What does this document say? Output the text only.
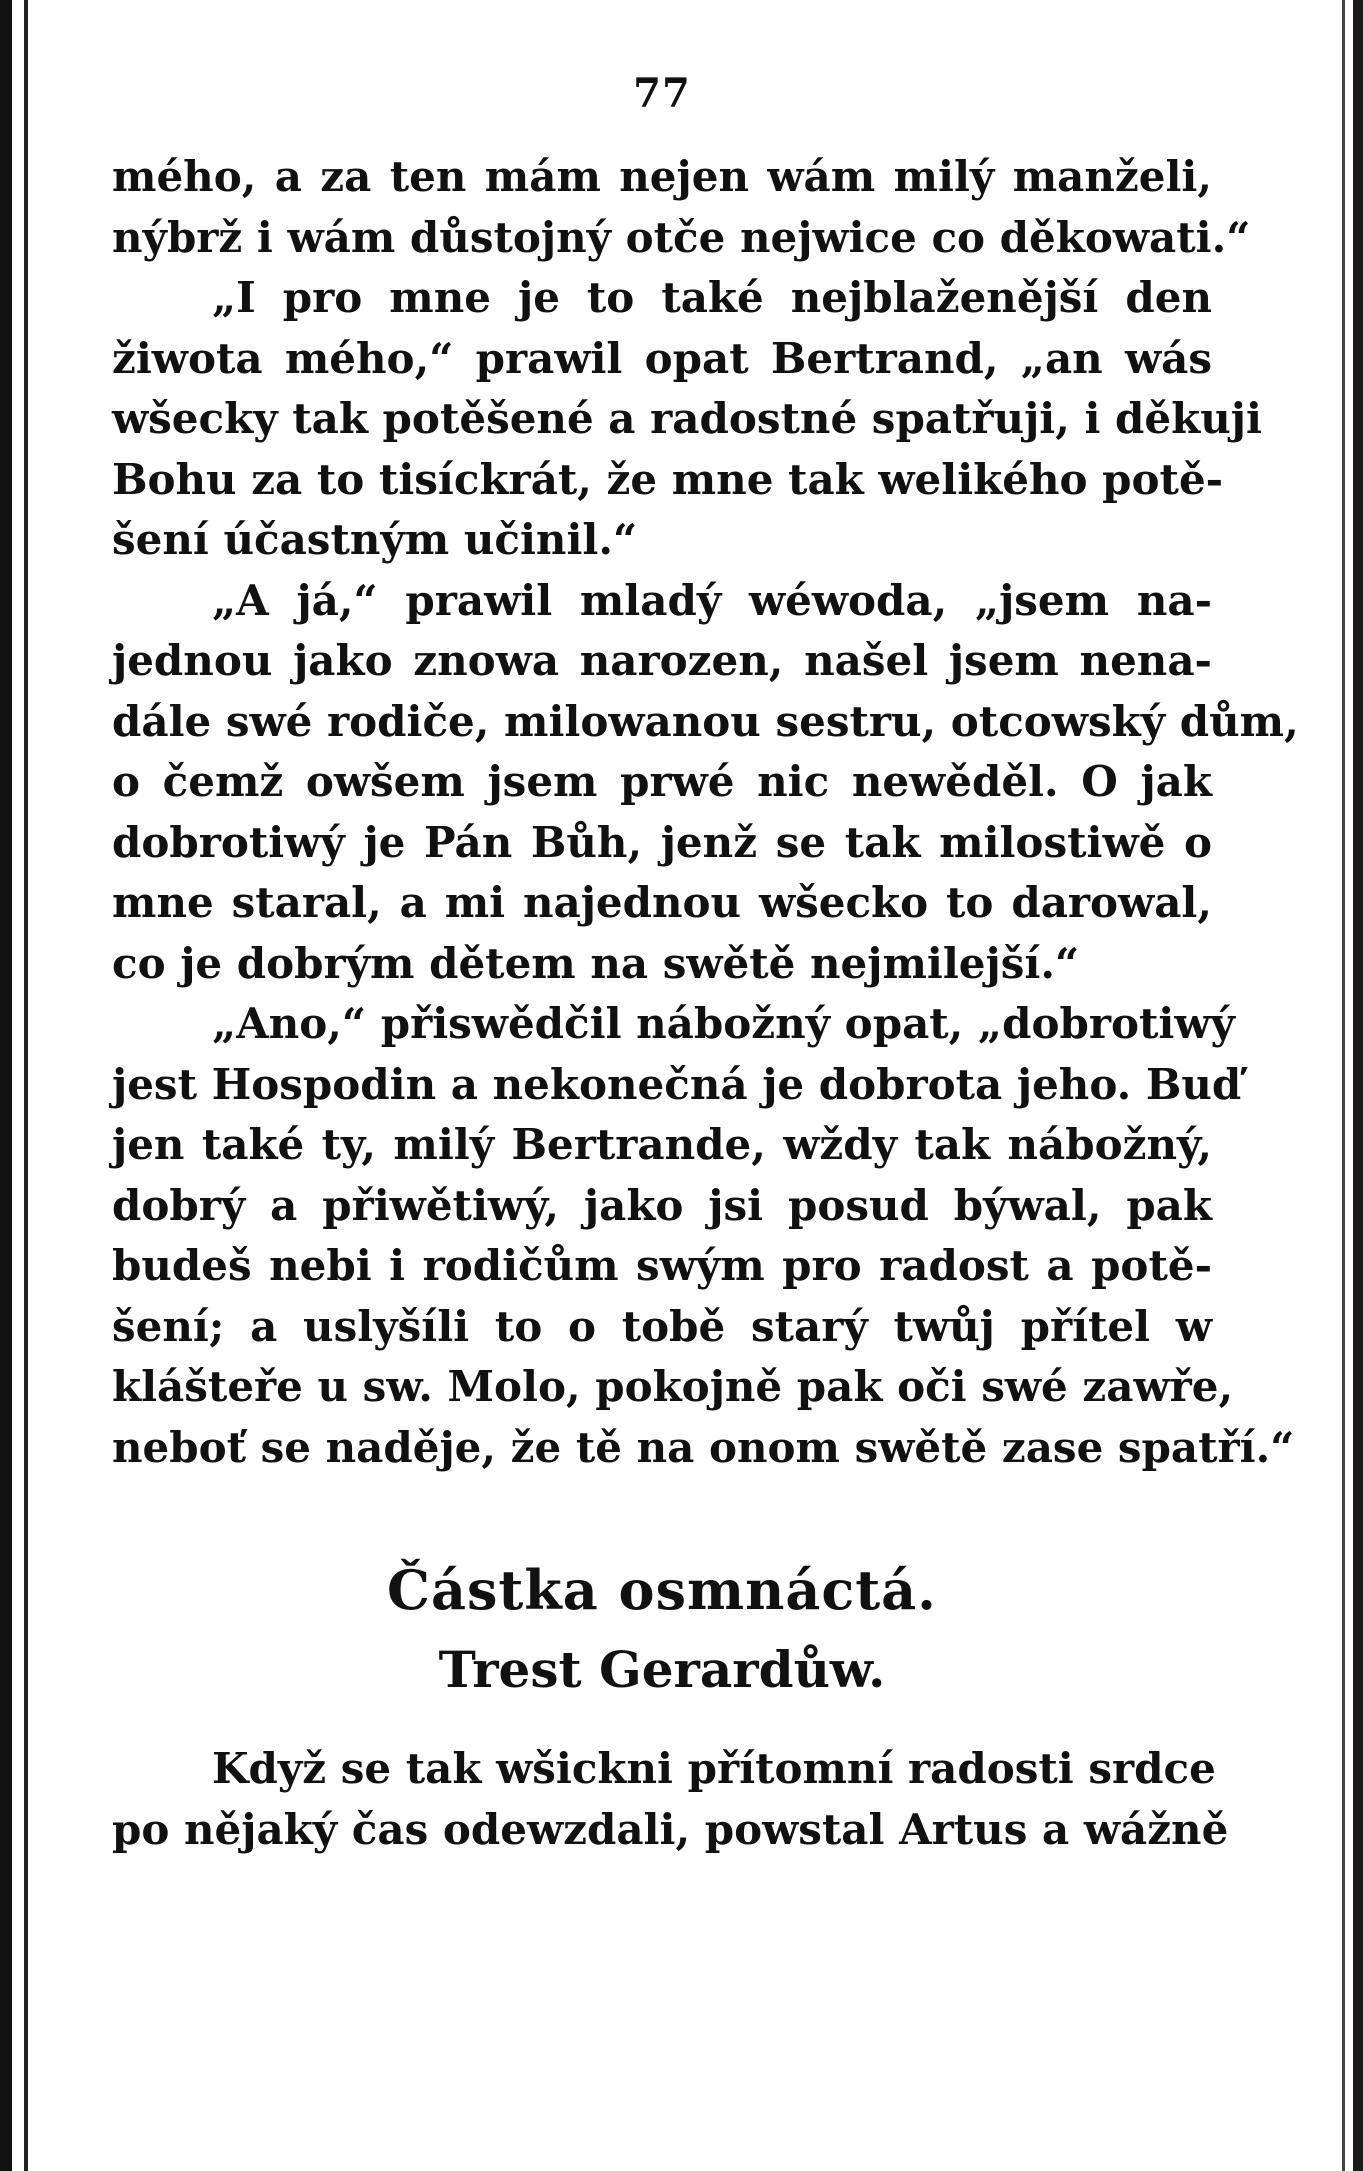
77
mého, a za ten mám nejen wám milý manželi,
nýbrž i wám důstojný otče nejwice co děkowati.“
„I pro mne je to také nejblaženější den
žiwota mého,“ prawil opat Bertrand, „an wás
wšecky tak potěšené a radostné spatřuji, i děkuji
Bohu za to tisíckrát, že mne tak welikého potě-
šení účastným učinil.“
„A já,“ prawil mladý wéwoda, „jsem na-
jednou jako znowa narozen, našel jsem nena-
dále swé rodiče, milowanou sestru, otcowský dům,
o čemž owšem jsem prwé nic newěděl. O jak
dobrotiwý je Pán Bůh, jenž se tak milostiwě o
mne staral, a mi najednou wšecko to darowal,
co je dobrým dětem na swětě nejmilejší.“
„Ano,“ přiswědčil nábožný opat, „dobrotiwý
jest Hospodin a nekonečná je dobrota jeho. Buď
jen také ty, milý Bertrande, wždy tak nábožný,
dobrý a přiwětiwý, jako jsi posud býwal, pak
budeš nebi i rodičům swým pro radost a potě-
šení; a uslyšíli to o tobě starý twůj přítel w
klášteře u sw. Molo, pokojně pak oči swé zawře,
neboť se naděje, že tě na onom swětě zase spatří.“
Částka osmnáctá.
Trest Gerardůw.
Když se tak wšickni přítomní radosti srdce
po nějaký čas odewzdali, powstal Artus a wážně
